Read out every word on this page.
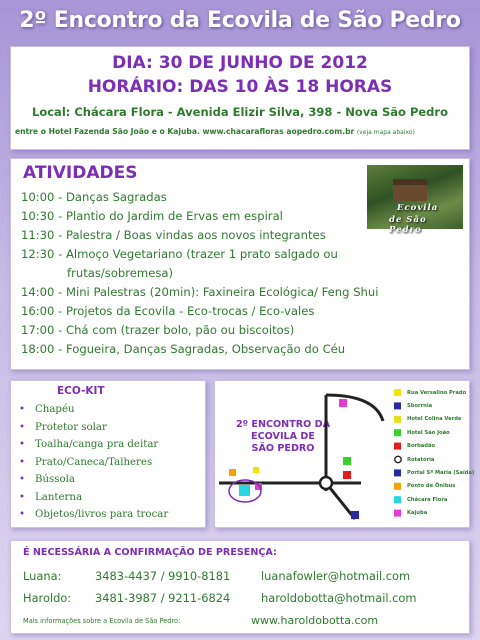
2º Encontro da Ecovila de São Pedro
DIA: 30 DE JUNHO DE 2012
HORÁRIO: DAS 10 ÀS 18 HORAS
Local: Chácara Flora - Avenida Elizir Silva, 398 - Nova São Pedro
entre o Hotel Fazenda São João e o Kajuba. www.chacarafloras aopedro.com.br (veja mapa abaixo)
ATIVIDADES
Ecovila
de São Pedro
10:00 - Danças Sagradas
10:30 - Plantio do Jardim de Ervas em espiral
11:30 - Palestra / Boas vindas aos novos integrantes
12:30 - Almoço Vegetariano (trazer 1 prato salgado ou
frutas/sobremesa)
14:00 - Mini Palestras (20min): Faxineira Ecológica/ Feng Shui
16:00 - Projetos da Ecovila - Eco-trocas / Eco-vales
17:00 - Chá com (trazer bolo, pão ou biscoitos)
18:00 - Fogueira, Danças Sagradas, Observação do Céu
ECO-KIT
• Chapéu
• Protetor solar
• Toalha/canga pra deitar
• Prato/Caneca/Talheres
• Bússola
• Lanterna
• Objetos/livros para trocar
2º ENCONTRO DA
ECOVILA DE
SÃO PEDRO
Rua Versalino Prado
Sborrnia
Hotel Colina Verde
Hotel São João
Borbadão
Rotatória
Portal Sº Maria (Saída)
Ponto de Ônibus
Chácara Flora
Kajuba
É NECESSÁRIA A CONFIRMAÇÃO DE PRESENÇA:
Luana:	3483-4437 / 9910-8181	luanafowler@hotmail.com
Haroldo: 3481-3987 / 9211-6824	haroldobotta@hotmail.com
Mais informações sobre a Ecovila de São Pedro:	www.haroldobotta.com
